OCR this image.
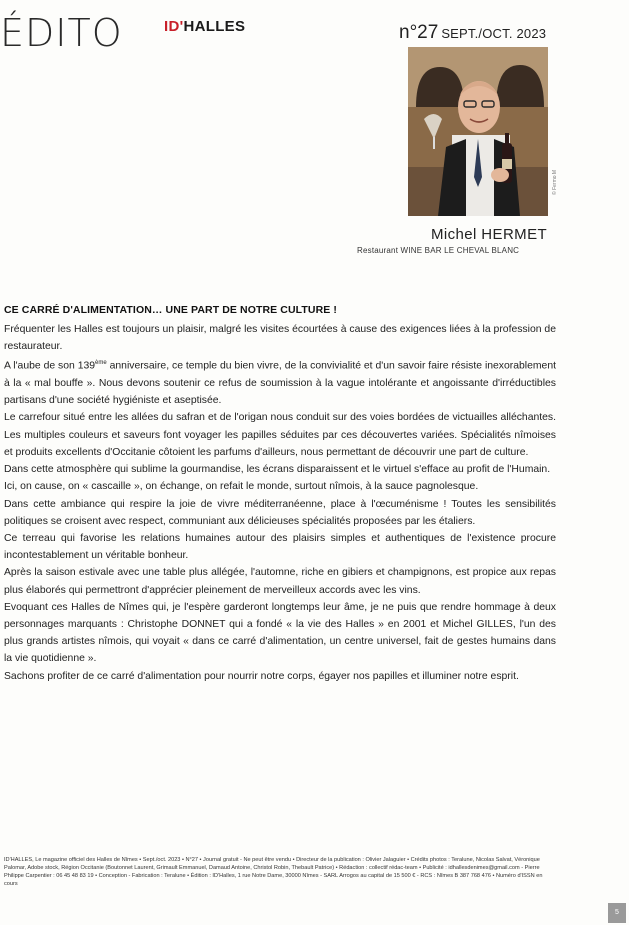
ÉDITO	ID'HALLES	n°27 SEPT./OCT. 2023
© Fermo M
Michel HERMET
Restaurant WINE BAR LE CHEVAL BLANC
CE CARRÉ D'ALIMENTATION… UNE PART DE NOTRE CULTURE !

Fréquenter les Halles est toujours un plaisir, malgré les visites écourtées à cause des exigences liées à la profession de restaurateur.

A l'aube de son 139ème anniversaire, ce temple du bien vivre, de la convivialité et d'un savoir faire résiste inexorablement à la « mal bouffe ». Nous devons soutenir ce refus de soumission à la vague intolérante et angoissante d'irréductibles partisans d'une société hygiéniste et aseptisée.

Le carrefour situé entre les allées du safran et de l'origan nous conduit sur des voies bordées de victuailles alléchantes. Les multiples couleurs et saveurs font voyager les papilles séduites par ces découvertes variées. Spécialités nîmoises et produits excellents d'Occitanie côtoient les parfums d'ailleurs, nous permettant de découvrir une part de culture.

Dans cette atmosphère qui sublime la gourmandise, les écrans disparaissent et le virtuel s'efface au profit de l'Humain.

Ici, on cause, on « cascaille », on échange, on refait le monde, surtout nîmois, à la sauce pagnolesque.

Dans cette ambiance qui respire la joie de vivre méditerranéenne, place à l'œcuménisme ! Toutes les sensibilités politiques se croisent avec respect, communiant aux délicieuses spécialités proposées par les étaliers.

Ce terreau qui favorise les relations humaines autour des plaisirs simples et authentiques de l'existence procure incontestablement un véritable bonheur.

Après la saison estivale avec une table plus allégée, l'automne, riche en gibiers et champignons, est propice aux repas plus élaborés qui permettront d'apprécier pleinement de merveilleux accords avec les vins.

Evoquant ces Halles de Nîmes qui, je l'espère garderont longtemps leur âme, je ne puis que rendre hommage à deux personnages marquants : Christophe DONNET qui a fondé « la vie des Halles » en 2001 et Michel GILLES, l'un des plus grands artistes nîmois, qui voyait « dans ce carré d'alimentation, un centre universel, fait de gestes humains dans la vie quotidienne ».

Sachons profiter de ce carré d'alimentation pour nourrir notre corps, égayer nos papilles et illuminer notre esprit.

ID'HALLES, Le magazine officiel des Halles de Nîmes • Sept./oct. 2023 • N°27 • Journal gratuit - Ne peut être vendu • Directeur de la publication : Olivier Jalaguier • Crédits photos : Teralune, Nicolas Salvat, Véronique Palomar, Adobe stock, Région Occitanie (Boutonnet Laurent, Grimault Emmanuel, Damaud Antoine, Christol Robin, Thebault Patrice) • Rédaction : collectif rédac-team • Publicité : idhallesdenimes@gmail.com - Pierre Philippe Carpentier : 06 45 48 83 19 • Conception - Fabrication : Teralune • Édition : ID'Halles, 1 rue Notre Dame, 30000 Nîmes - SARL Arrogos au capital de 15 500 € - RCS : Nîmes B 387 768 476 • Numéro d'ISSN en cours
5
